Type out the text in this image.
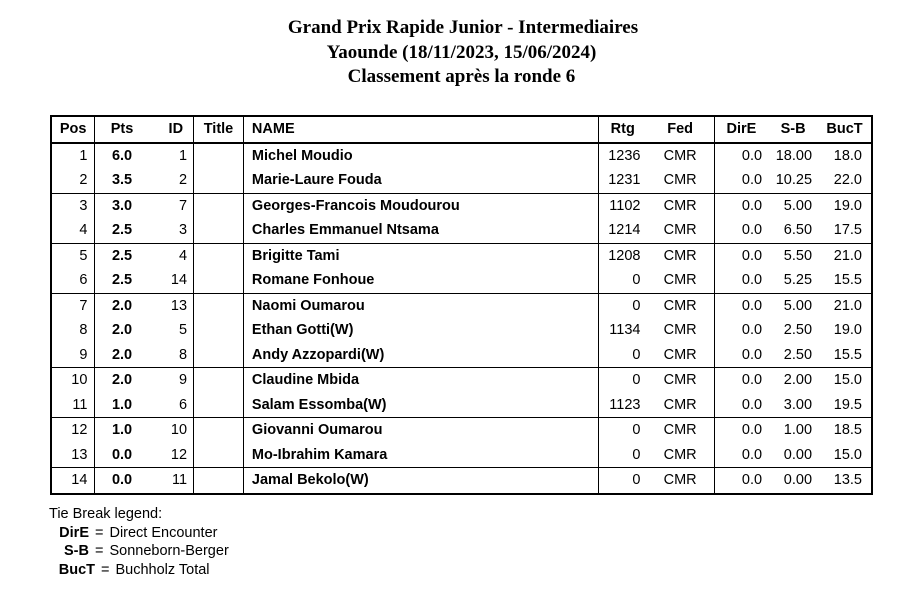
Grand Prix Rapide Junior - Intermediaires
Yaounde (18/11/2023, 15/06/2024)
Classement après la ronde 6
Pos	Pts	ID	Title	NAME	Rtg	Fed	DirE	S-B	BucT
1	6.0	1		Michel Moudio	1236	CMR	0.0	18.00	18.0
2	3.5	2		Marie-Laure Fouda	1231	CMR	0.0	10.25	22.0
3	3.0	7		Georges-Francois Moudourou	1102	CMR	0.0	5.00	19.0
4	2.5	3		Charles Emmanuel Ntsama	1214	CMR	0.0	6.50	17.5
5	2.5	4		Brigitte Tami	1208	CMR	0.0	5.50	21.0
6	2.5	14		Romane Fonhoue	0	CMR	0.0	5.25	15.5
7	2.0	13		Naomi Oumarou	0	CMR	0.0	5.00	21.0
8	2.0	5		Ethan Gotti(W)	1134	CMR	0.0	2.50	19.0
9	2.0	8		Andy Azzopardi(W)	0	CMR	0.0	2.50	15.5
10	2.0	9		Claudine Mbida	0	CMR	0.0	2.00	15.0
11	1.0	6		Salam Essomba(W)	1123	CMR	0.0	3.00	19.5
12	1.0	10		Giovanni Oumarou	0	CMR	0.0	1.00	18.5
13	0.0	12		Mo-Ibrahim Kamara	0	CMR	0.0	0.00	15.0
14	0.0	11		Jamal Bekolo(W)	0	CMR	0.0	0.00	13.5
Tie Break legend:
DirE = Direct Encounter
S-B = Sonneborn-Berger
BucT = Buchholz Total
